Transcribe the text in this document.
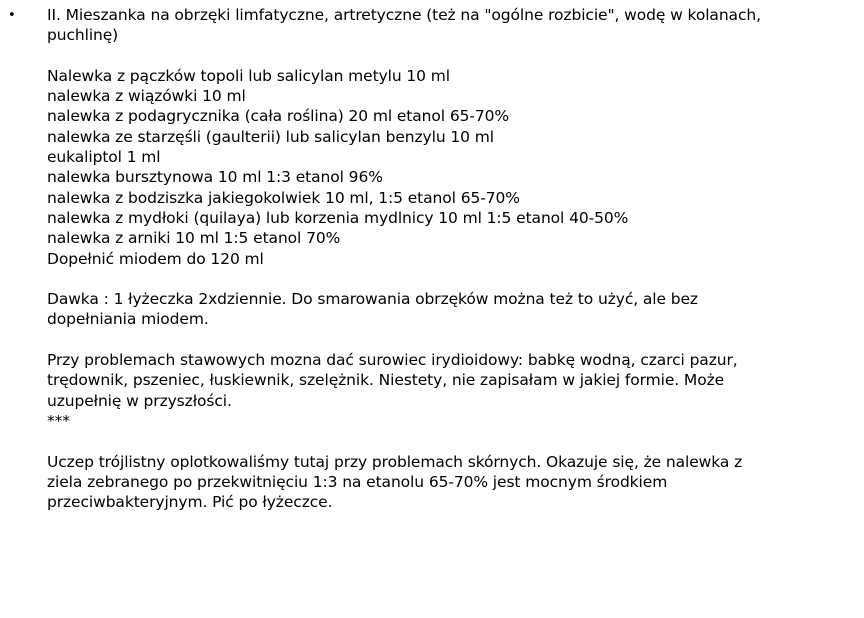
• II. Mieszanka na obrzęki limfatyczne, artretyczne (też na "ogólne rozbicie", wodę w kolanach,
puchlinę)
Nalewka z pączków topoli lub salicylan metylu 10 ml
nalewka z wiązówki 10 ml
nalewka z podagrycznika (cała roślina) 20 ml etanol 65-70%
nalewka ze starzęśli (gaulterii) lub salicylan benzylu 10 ml
eukaliptol 1 ml
nalewka bursztynowa 10 ml 1:3 etanol 96%
nalewka z bodziszka jakiegokolwiek 10 ml, 1:5 etanol 65-70%
nalewka z mydłoki (quilaya) lub korzenia mydlnicy 10 ml 1:5 etanol 40-50%
nalewka z arniki 10 ml 1:5 etanol 70%
Dopełnić miodem do 120 ml
Dawka : 1 łyżeczka 2xdziennie. Do smarowania obrzęków można też to użyć, ale bez
dopełniania miodem.
Przy problemach stawowych mozna dać surowiec irydioidowy: babkę wodną, czarci pazur,
trędownik, pszeniec, łuskiewnik, szelężnik. Niestety, nie zapisałam w jakiej formie. Może
uzupełnię w przyszłości.
***
Uczep trójlistny oplotkowaliśmy tutaj przy problemach skórnych. Okazuje się, że nalewka z
ziela zebranego po przekwitnięciu 1:3 na etanolu 65-70% jest mocnym środkiem
przeciwbakteryjnym. Pić po łyżeczce.
